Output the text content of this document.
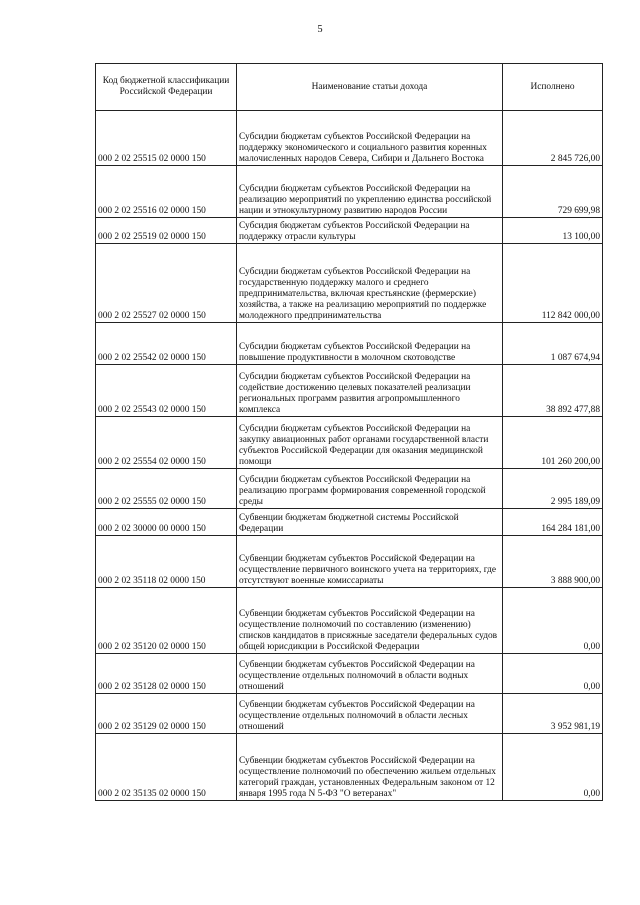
5
Код бюджетной классификации Российской Федерации	Наименование статьи дохода	Исполнено
000 2 02 25515 02 0000 150	Субсидии бюджетам субъектов Российской Федерации на поддержку экономического и социального развития коренных малочисленных народов Севера, Сибири и Дальнего Востока	2 845 726,00
000 2 02 25516 02 0000 150	Субсидии бюджетам субъектов Российской Федерации на реализацию мероприятий по укреплению единства российской нации и этнокультурному развитию народов России	729 699,98
000 2 02 25519 02 0000 150	Субсидия бюджетам субъектов Российской Федерации на поддержку отрасли культуры	13 100,00
000 2 02 25527 02 0000 150	Субсидии бюджетам субъектов Российской Федерации на государственную поддержку малого и среднего предпринимательства, включая крестьянские (фермерские) хозяйства, а также на реализацию мероприятий по поддержке молодежного предпринимательства	112 842 000,00
000 2 02 25542 02 0000 150	Субсидии бюджетам субъектов Российской Федерации на повышение продуктивности в молочном скотоводстве	1 087 674,94
000 2 02 25543 02 0000 150	Субсидии бюджетам субъектов Российской Федерации на содействие достижению целевых показателей реализации региональных программ развития агропромышленного комплекса	38 892 477,88
000 2 02 25554 02 0000 150	Субсидии бюджетам субъектов Российской Федерации на закупку авиационных работ органами государственной власти субъектов Российской Федерации для оказания медицинской помощи	101 260 200,00
000 2 02 25555 02 0000 150	Субсидии бюджетам субъектов Российской Федерации на реализацию программ формирования современной городской среды	2 995 189,09
000 2 02 30000 00 0000 150	Субвенции бюджетам бюджетной системы Российской Федерации	164 284 181,00
000 2 02 35118 02 0000 150	Субвенции бюджетам субъектов Российской Федерации на осуществление первичного воинского учета на территориях, где отсутствуют военные комиссариаты	3 888 900,00
000 2 02 35120 02 0000 150	Субвенции бюджетам субъектов Российской Федерации на осуществление полномочий по составлению (изменению) списков кандидатов в присяжные заседатели федеральных судов общей юрисдикции в Российской Федерации	0,00
000 2 02 35128 02 0000 150	Субвенции бюджетам субъектов Российской Федерации на осуществление отдельных полномочий в области водных отношений	0,00
000 2 02 35129 02 0000 150	Субвенции бюджетам субъектов Российской Федерации на осуществление отдельных полномочий в области лесных отношений	3 952 981,19
000 2 02 35135 02 0000 150	Субвенции бюджетам субъектов Российской Федерации на осуществление полномочий по обеспечению жильем отдельных категорий граждан, установленных Федеральным законом от 12 января 1995 года N 5-ФЗ "О ветеранах"	0,00
